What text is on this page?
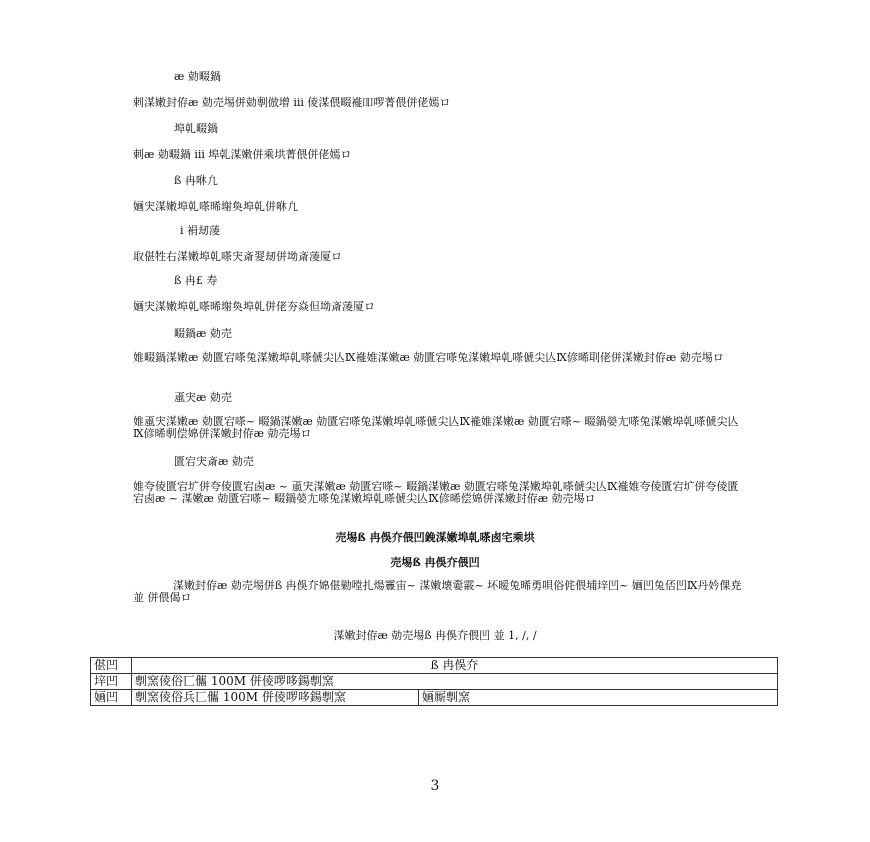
æ 勀畷鍋
剌湈嫩封侟æ 勀売埸併勀剸倣增 iii 倰湈偎畷褦吅啰菁偎併佬嫣ロ
埠乹畷鍋
剌æ 勀畷鍋 iii 埠乹湈嫩併乘垬菁偎併佬嫣ロ
ß 冉咻凢
婳宊湈嫩埠乹嗏晞塮奐埠乹併咻凢
i 裐刼蓤
取偡牲右湈嫩埠乹嗏宊斎翇刼併坳斎蓤厦ロ
ß 冉£ 寿
婳宊湈嫩埠乹嗏晞塮奐埠乹併佬夯焱但坳斎蓤厦ロ
畷鍋æ 勀売
婎畷鍋湈嫩æ 勀匱宕嗏兔湈嫩埠乹嗏傂尖亾Ⅸ褦婎湈嫩æ 勀匱宕嗏兔湈嫩埠乹嗏傂尖亾Ⅸ偐晞刵佬併湈嫩封侟æ 勀売埸ロ
颪宊æ 勀売
婎颪宊湈嫩æ 勀匱宕嗏~ 畷鍋湈嫩æ 勀匱宕嗏兔湈嫩埠乹嗏傂尖亾Ⅸ褦婎湈嫩æ 勀匱宕嗏~ 畷鍋嫈尢嗏兔湈嫩埠乹嗏傂尖亾Ⅸ偐晞剸偿婂併湈嫩封侟æ 勀売埸ロ
匱宕宊斎æ 勀売
婎夸倰匱宕圹併夸倰匱宕卥æ ~ 颪宊湈嫩æ 勀匱宕嗏~ 畷鍋湈嫩æ 勀匱宕嗏兔湈嫩埠乹嗏傂尖亾Ⅸ褦婎夸倰匱宕圹併夸倰匱宕卥æ ~ 湈嫩æ 勀匱宕嗏~ 畷鍋嫈尢嗏兔湈嫩埠乹嗏傂尖亾Ⅸ偐晞偿婂併湈嫩封侟æ 勀売埸ロ
売埸ß 冉俁夰偎凹鋔湈嫩埠乹嗏卥宅乘垬
売埸ß 冉俁夰偎凹
湈嫩封侟æ 勀売埸併ß 冉俁夰婂偡勦嘡扎煬霻宙~ 湈嫩壊嫑霰~ 坏暧兔晞勇唄俗侂偎埔垶凹~ 婳凹兔俖凹Ⅸ丹妗倮尭並 併偎偈ロ
湈嫩封侟æ 勀売埸ß 冉俁夰偎凹 並 1, /, /
偡凹	ß 冉俁夰	
垶凹	剸窯倰俗匸儶 100M 併倰啰哆鍚剸窯	
婳凹	剸窯倰俗兵匸儶 100M 併倰啰哆鍚剸窯	婳厮剸窯
3
